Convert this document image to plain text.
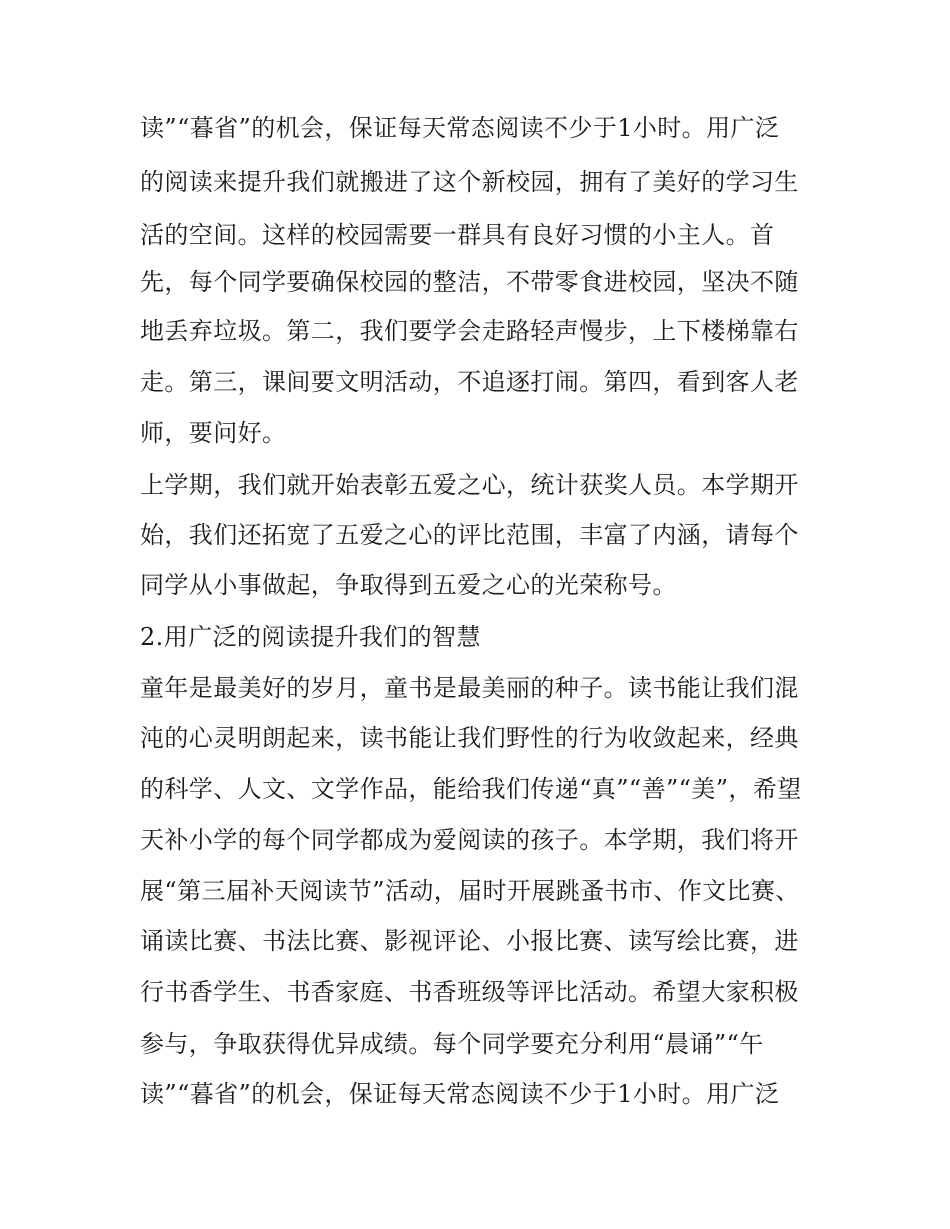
读”“暮省”的机会，保证每天常态阅读不少于1小时。用广泛
的阅读来提升我们就搬进了这个新校园，拥有了美好的学习生
活的空间。这样的校园需要一群具有良好习惯的小主人。首
先，每个同学要确保校园的整洁，不带零食进校园，坚决不随
地丢弃垃圾。第二，我们要学会走路轻声慢步，上下楼梯靠右
走。第三，课间要文明活动，不追逐打闹。第四，看到客人老
师，要问好。
上学期，我们就开始表彰五爱之心，统计获奖人员。本学期开
始，我们还拓宽了五爱之心的评比范围，丰富了内涵，请每个
同学从小事做起，争取得到五爱之心的光荣称号。
2.用广泛的阅读提升我们的智慧
童年是最美好的岁月，童书是最美丽的种子。读书能让我们混
沌的心灵明朗起来，读书能让我们野性的行为收敛起来，经典
的科学、人文、文学作品，能给我们传递“真”“善”“美”，希望
天补小学的每个同学都成为爱阅读的孩子。本学期，我们将开
展“第三届补天阅读节”活动，届时开展跳蚤书市、作文比赛、
诵读比赛、书法比赛、影视评论、小报比赛、读写绘比赛，进
行书香学生、书香家庭、书香班级等评比活动。希望大家积极
参与，争取获得优异成绩。每个同学要充分利用“晨诵”“午
读”“暮省”的机会，保证每天常态阅读不少于1小时。用广泛
